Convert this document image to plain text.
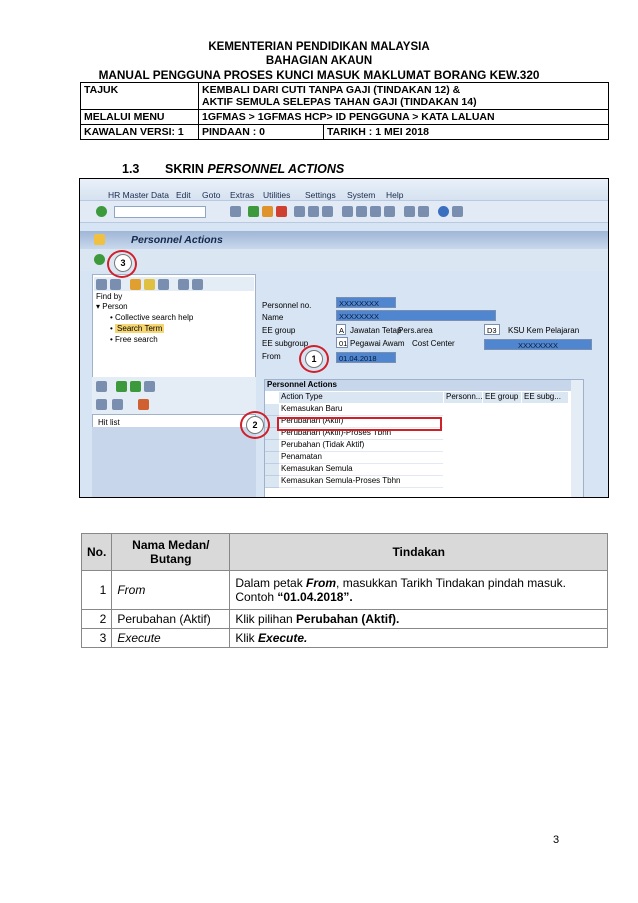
KEMENTERIAN PENDIDIKAN MALAYSIA
BAHAGIAN AKAUN
MANUAL PENGGUNA PROSES KUNCI MASUK MAKLUMAT BORANG KEW.320
TAJUK	KEMBALI DARI CUTI TANPA GAJI (TINDAKAN 12) &
AKTIF SEMULA SELEPAS TAHAN GAJI (TINDAKAN 14)	

MELALUI MENU	1GFMAS > 1GFMAS HCP> ID PENGGUNA > KATA LALUAN	
KAWALAN VERSI: 1	PINDAAN : 0	TARIKH : 1 MEI 2018
1.3 SKRIN PERSONNEL ACTIONS
HR Master Data Edit Goto Extras Utilities Settings System Help
Personnel Actions
Find by
▾ Person
• Collective search help
• Search Term
• Free search
Hit list
Personnel no.	XXXXXXXX
Name	XXXXXXXX
EE group	A Jawatan Tetap
Pers.area	D3	KSU Kem Pelajaran
EE subgroup	01 Pegawai Awam Cost Center	XXXXXXXX
From	01.04.2018
Personnel Actions
Action Type	Personn... EE group EE subg...
Kemasukan Baru
Perubahan (Aktif)
Perubahan (Aktif)-Proses Tbhn
Perubahan (Tidak Aktif)
Penamatan
Kemasukan Semula
Kemasukan Semula-Proses Tbhn
3
1
2
No.	Nama Medan/ Butang	Tindakan
1	From	Dalam petak From, masukkan Tarikh Tindakan pindah masuk. Contoh “01.04.2018”.
2	Perubahan (Aktif)	Klik pilihan Perubahan (Aktif).
3	Execute	Klik Execute.
3
